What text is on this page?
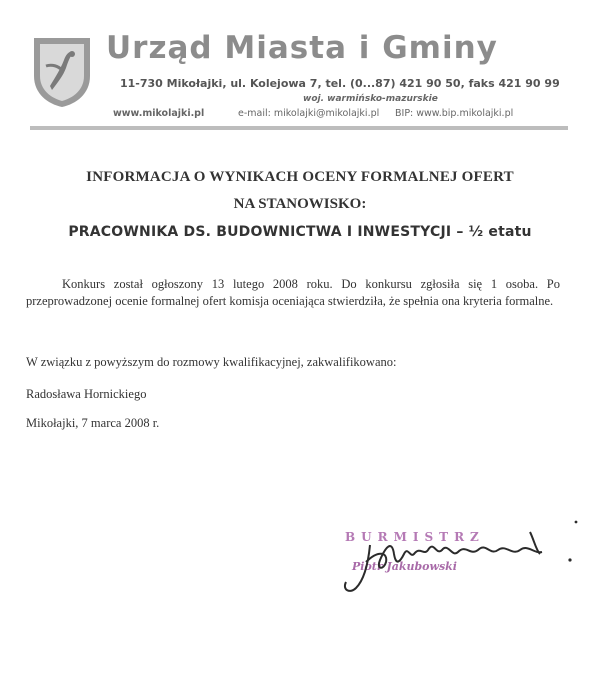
Urząd Miasta i Gminy
11-730 Mikołajki, ul. Kolejowa 7, tel. (0...87) 421 90 50, faks 421 90 99
woj. warmińsko-mazurskie
www.mikolajki.pl	e-mail: mikolajki@mikolajki.pl BIP: www.bip.mikolajki.pl
INFORMACJA O WYNIKACH OCENY FORMALNEJ OFERT
NA STANOWISKO:
PRACOWNIKA DS. BUDOWNICTWA I INWESTYCJI – ½ etatu
Konkurs został ogłoszony 13 lutego 2008 roku. Do konkursu zgłosiła się 1 osoba. Po przeprowadzonej ocenie formalnej ofert komisja oceniająca stwierdziła, że spełnia ona kryteria formalne.
W związku z powyższym do rozmowy kwalifikacyjnej, zakwalifikowano:
Radosława Hornickiego
Mikołajki, 7 marca 2008 r.
BURMISTRZ
Piotr Jakubowski
